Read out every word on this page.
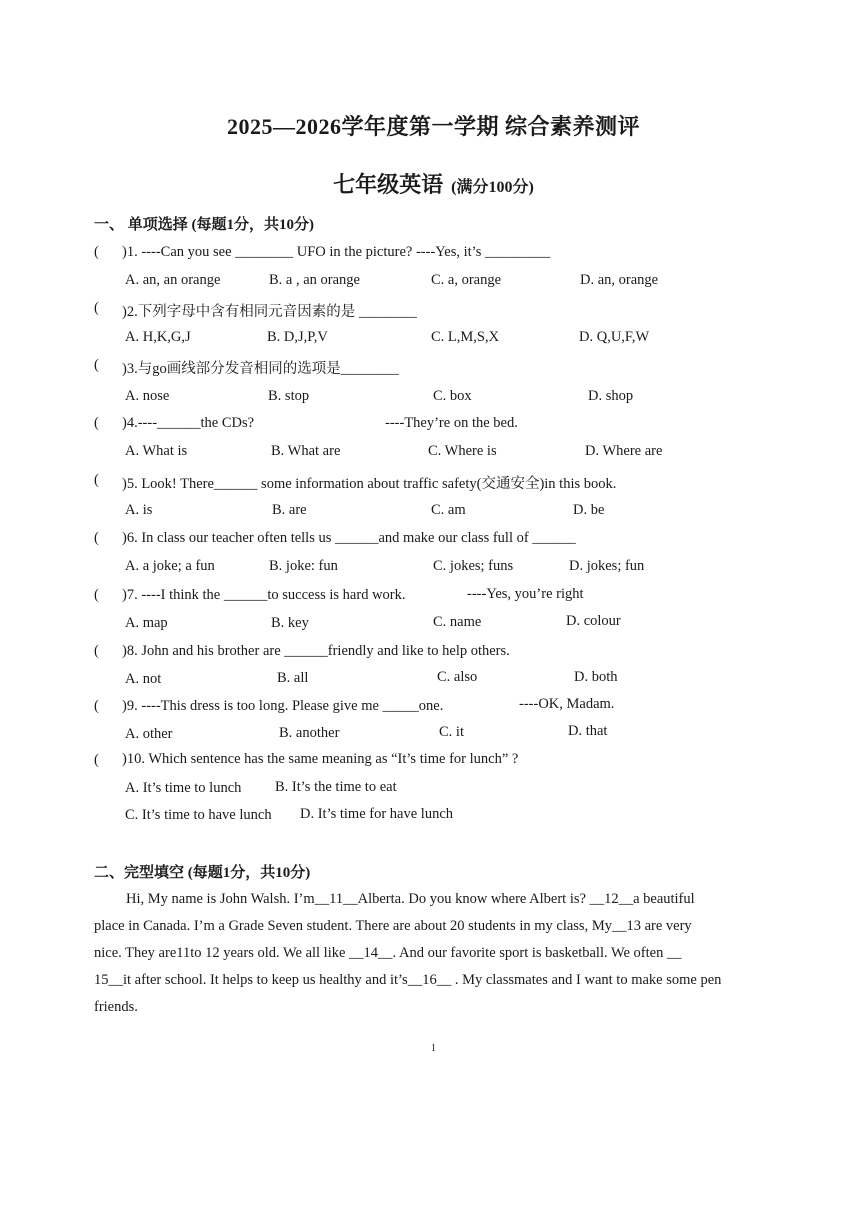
2025—2026学年度第一学期 综合素养测评
七年级英语 (满分100分)
一、 单项选择 (每题1分，共10分)
( )1. ----Can you see ________ UFO in the picture? ----Yes, it’s _________
A. an, an orange	B. a , an orange	C. a, orange	D. an, orange
( )2.下列字母中含有相同元音因素的是 ________
A. H,K,G,J	B. D,J,P,V	C. L,M,S,X	D. Q,U,F,W
( )3.与go画线部分发音相同的选项是________
A. nose	B. stop	C. box	D. shop
( )4.----______the CDs?	----They’re on the bed.
A. What is	B. What are	C. Where is	D. Where are
( )5. Look! There______ some information about traffic safety(交通安全)in this book.
A. is	B. are	C. am	D. be
( )6. In class our teacher often tells us ______and make our class full of ______
A. a joke; a fun	B. joke: fun	C. jokes; funs	D. jokes; fun
( )7. ----I think the ______to success is hard work.	----Yes, you’re right
A. map	B. key	C. name	D. colour
( )8. John and his brother are ______friendly and like to help others.
A. not	B. all	C. also	D. both
( )9. ----This dress is too long. Please give me _____one.	----OK, Madam.
A. other	B. another	C. it	D. that
( )10. Which sentence has the same meaning as “It’s time for lunch” ?
A. It’s time to lunch B. It’s the time to eat
C. It’s time to have lunch D. It’s time for have lunch
二、完型填空 (每题1分，共10分)
Hi, My name is John Walsh. I’m__11__Alberta. Do you know where Albert is? __12__a beautiful
place in Canada. I’m a Grade Seven student. There are about 20 students in my class, My__13 are very
nice. They are11to 12 years old. We all like __14__. And our favorite sport is basketball. We often __
15__it after school. It helps to keep us healthy and it’s__16__ . My classmates and I want to make some pen
friends.
1
